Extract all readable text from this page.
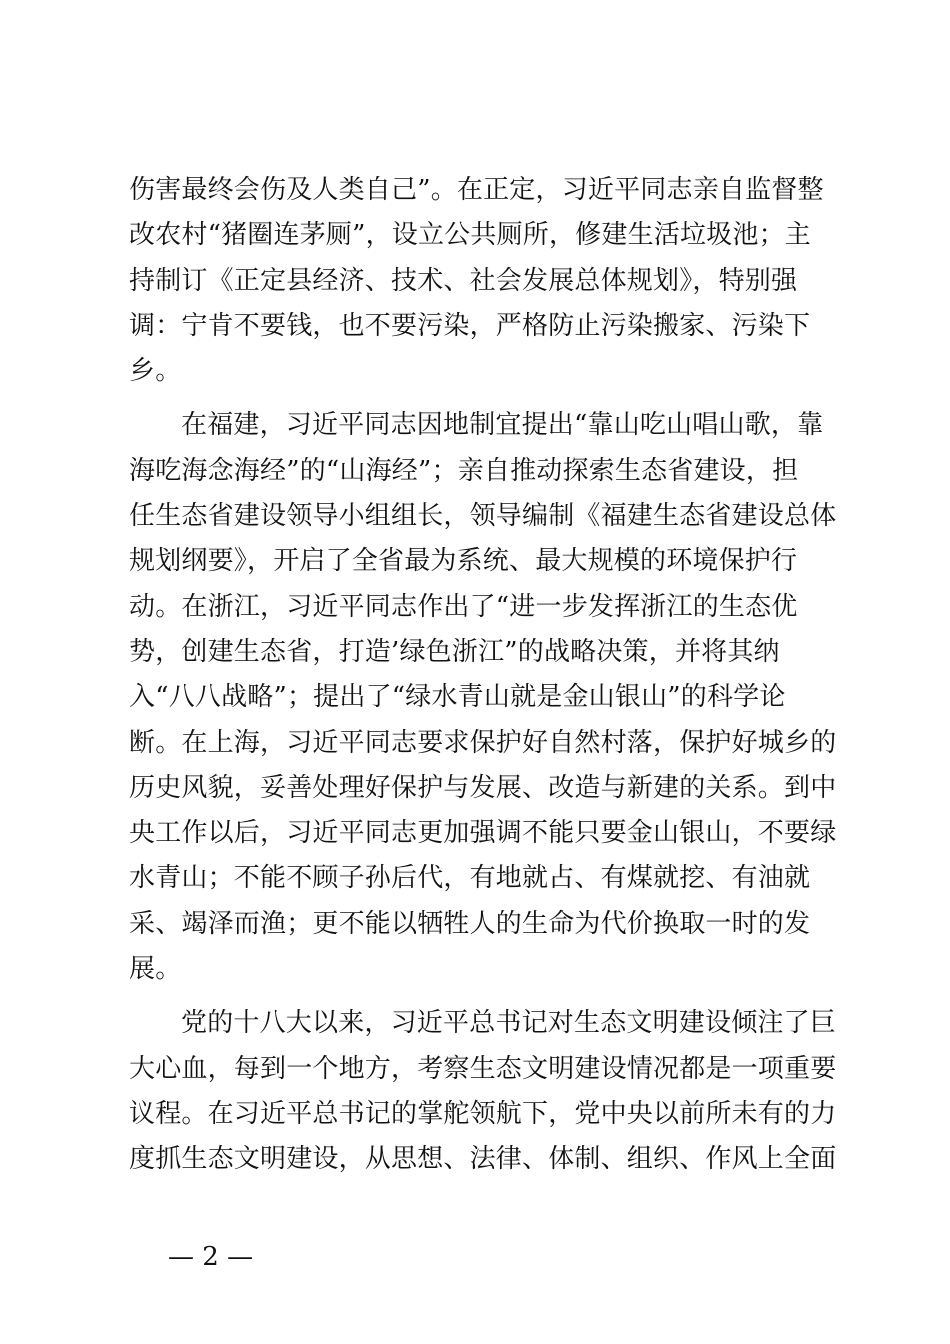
伤害最终会伤及人类自己”。在正定，习近平同志亲自监督整
改农村“猪圈连茅厕”，设立公共厕所，修建生活垃圾池；主
持制订《正定县经济、技术、社会发展总体规划》，特别强
调：宁肯不要钱，也不要污染，严格防止污染搬家、污染下
乡。
在福建，习近平同志因地制宜提出“靠山吃山唱山歌，靠
海吃海念海经”的“山海经”；亲自推动探索生态省建设，担
任生态省建设领导小组组长，领导编制《福建生态省建设总体
规划纲要》，开启了全省最为系统、最大规模的环境保护行
动。在浙江，习近平同志作出了“进一步发挥浙江的生态优
势，创建生态省，打造’绿色浙江”的战略决策，并将其纳
入“八八战略”；提出了“绿水青山就是金山银山”的科学论
断。在上海，习近平同志要求保护好自然村落，保护好城乡的
历史风貌，妥善处理好保护与发展、改造与新建的关系。到中
央工作以后，习近平同志更加强调不能只要金山银山，不要绿
水青山；不能不顾子孙后代，有地就占、有煤就挖、有油就
采、竭泽而渔；更不能以牺牲人的生命为代价换取一时的发
展。
党的十八大以来，习近平总书记对生态文明建设倾注了巨
大心血，每到一个地方，考察生态文明建设情况都是一项重要
议程。在习近平总书记的掌舵领航下，党中央以前所未有的力
度抓生态文明建设，从思想、法律、体制、组织、作风上全面
— 2 —
